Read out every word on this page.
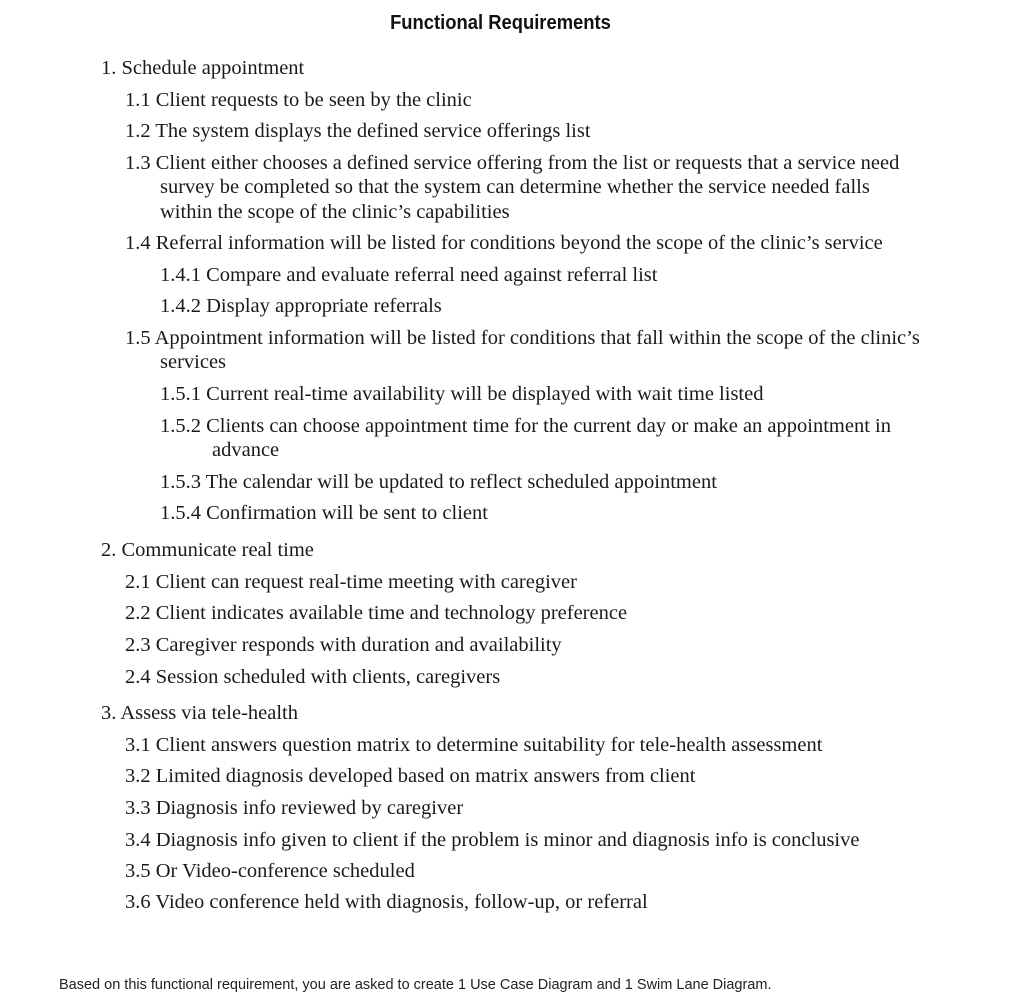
Functional Requirements
1. Schedule appointment
1.1 Client requests to be seen by the clinic
1.2 The system displays the defined service offerings list
1.3 Client either chooses a defined service offering from the list or requests that a service need
survey be completed so that the system can determine whether the service needed falls
within the scope of the clinic’s capabilities
1.4 Referral information will be listed for conditions beyond the scope of the clinic’s service
1.4.1 Compare and evaluate referral need against referral list
1.4.2 Display appropriate referrals
1.5 Appointment information will be listed for conditions that fall within the scope of the clinic’s
services
1.5.1 Current real-time availability will be displayed with wait time listed
1.5.2 Clients can choose appointment time for the current day or make an appointment in
advance
1.5.3 The calendar will be updated to reflect scheduled appointment
1.5.4 Confirmation will be sent to client
2. Communicate real time
2.1 Client can request real-time meeting with caregiver
2.2 Client indicates available time and technology preference
2.3 Caregiver responds with duration and availability
2.4 Session scheduled with clients, caregivers
3. Assess via tele-health
3.1 Client answers question matrix to determine suitability for tele-health assessment
3.2 Limited diagnosis developed based on matrix answers from client
3.3 Diagnosis info reviewed by caregiver
3.4 Diagnosis info given to client if the problem is minor and diagnosis info is conclusive
3.5 Or Video-conference scheduled
3.6 Video conference held with diagnosis, follow-up, or referral
Based on this functional requirement, you are asked to create 1 Use Case Diagram and 1 Swim Lane Diagram.
